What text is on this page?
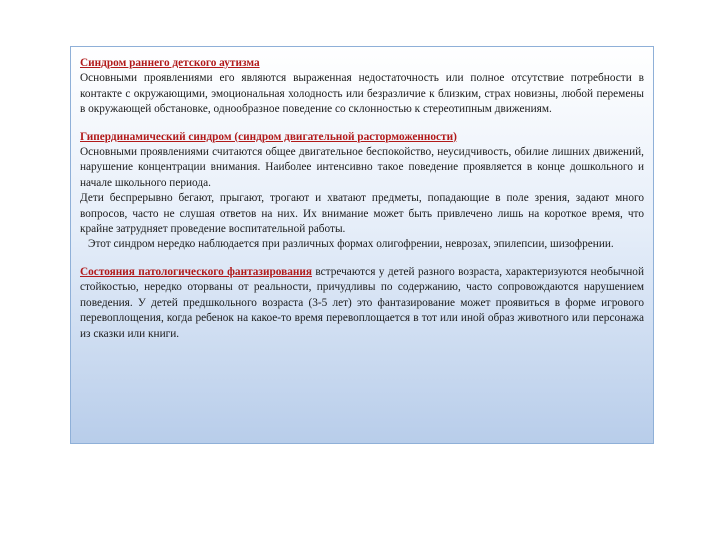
Синдром раннего детского аутизма

Основными проявлениями его являются выраженная недостаточность или полное отсутствие потребности в контакте с окружающими, эмоциональная холодность или безразличие к близким, страх новизны, любой перемены в окружающей обстановке, однообразное поведение со склонностью к стереотипным движениям.

Гипердинамический синдром (синдром двигательной расторможенности)

Основными проявлениями считаются общее двигательное беспокойство, неусидчивость, обилие лишних движений, нарушение концентрации внимания. Наиболее интенсивно такое поведение проявляется в конце дошкольного и начале школьного периода.

Дети беспрерывно бегают, прыгают, трогают и хватают предметы, попадающие в поле зрения, задают много вопросов, часто не слушая ответов на них. Их внимание может быть привлечено лишь на короткое время, что крайне затрудняет проведение воспитательной работы.

Этот синдром нередко наблюдается при различных формах олигофрении, неврозах, эпилепсии, шизофрении.

Состояния патологического фантазирования встречаются у детей разного возраста, характеризуются необычной стойкостью, нередко оторваны от реальности, причудливы по содержанию, часто сопровождаются нарушением поведения. У детей предшкольного возраста (3-5 лет) это фантазирование может проявиться в форме игрового перевоплощения, когда ребенок на какое-то время перевоплощается в тот или иной образ животного или персонажа из сказки или книги.
